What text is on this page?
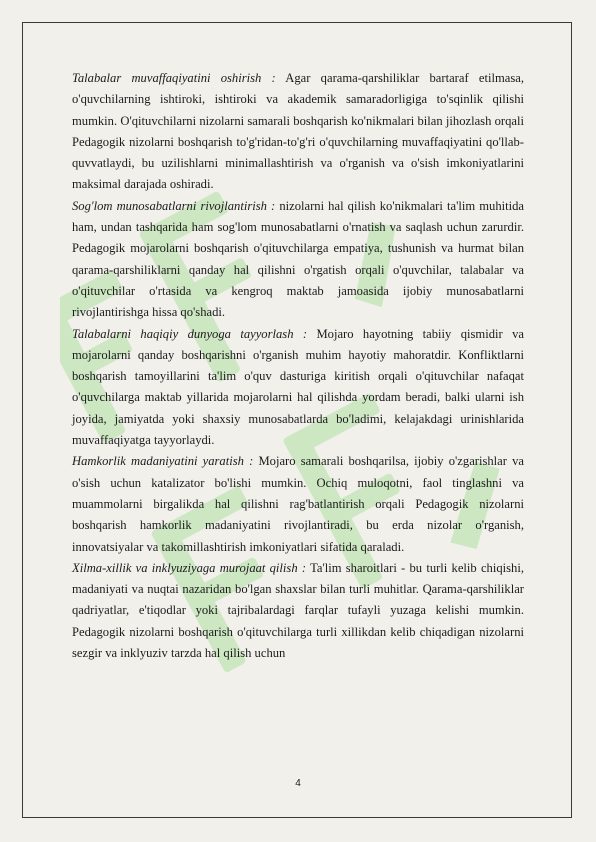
Talabalar muvaffaqiyatini oshirish : Agar qarama-qarshiliklar bartaraf etilmasa, o'quvchilarning ishtiroki, ishtiroki va akademik samaradorligiga to'sqinlik qilishi mumkin. O'qituvchilarni nizolarni samarali boshqarish ko'nikmalari bilan jihozlash orqali Pedagogik nizolarni boshqarish to'g'ridan-to'g'ri o'quvchilarning muvaffaqiyatini qo'llab-quvvatlaydi, bu uzilishlarni minimallashtirish va o'rganish va o'sish imkoniyatlarini maksimal darajada oshiradi.

Sog'lom munosabatlarni rivojlantirish : nizolarni hal qilish ko'nikmalari ta'lim muhitida ham, undan tashqarida ham sog'lom munosabatlarni o'rnatish va saqlash uchun zarurdir. Pedagogik mojarolarni boshqarish o'qituvchilarga empatiya, tushunish va hurmat bilan qarama-qarshiliklarni qanday hal qilishni o'rgatish orqali o'quvchilar, talabalar va o'qituvchilar o'rtasida va kengroq maktab jamoasida ijobiy munosabatlarni rivojlantirishga hissa qo'shadi.

Talabalarni haqiqiy dunyoga tayyorlash : Mojaro hayotning tabiiy qismidir va mojarolarni qanday boshqarishni o'rganish muhim hayotiy mahoratdir. Konfliktlarni boshqarish tamoyillarini ta'lim o'quv dasturiga kiritish orqali o'qituvchilar nafaqat o'quvchilarga maktab yillarida mojarolarni hal qilishda yordam beradi, balki ularni ish joyida, jamiyatda yoki shaxsiy munosabatlarda bo'ladimi, kelajakdagi urinishlarida muvaffaqiyatga tayyorlaydi.

Hamkorlik madaniyatini yaratish : Mojaro samarali boshqarilsa, ijobiy o'zgarishlar va o'sish uchun katalizator bo'lishi mumkin. Ochiq muloqotni, faol tinglashni va muammolarni birgalikda hal qilishni rag'batlantirish orqali Pedagogik nizolarni boshqarish hamkorlik madaniyatini rivojlantiradi, bu erda nizolar o'rganish, innovatsiyalar va takomillashtirish imkoniyatlari sifatida qaraladi.

Xilma-xillik va inklyuziyaga murojaat qilish : Ta'lim sharoitlari - bu turli kelib chiqishi, madaniyati va nuqtai nazaridan bo'lgan shaxslar bilan turli muhitlar. Qarama-qarshiliklar qadriyatlar, e'tiqodlar yoki tajribalardagi farqlar tufayli yuzaga kelishi mumkin. Pedagogik nizolarni boshqarish o'qituvchilarga turli xillikdan kelib chiqadigan nizolarni sezgir va inklyuziv tarzda hal qilish uchun

4
